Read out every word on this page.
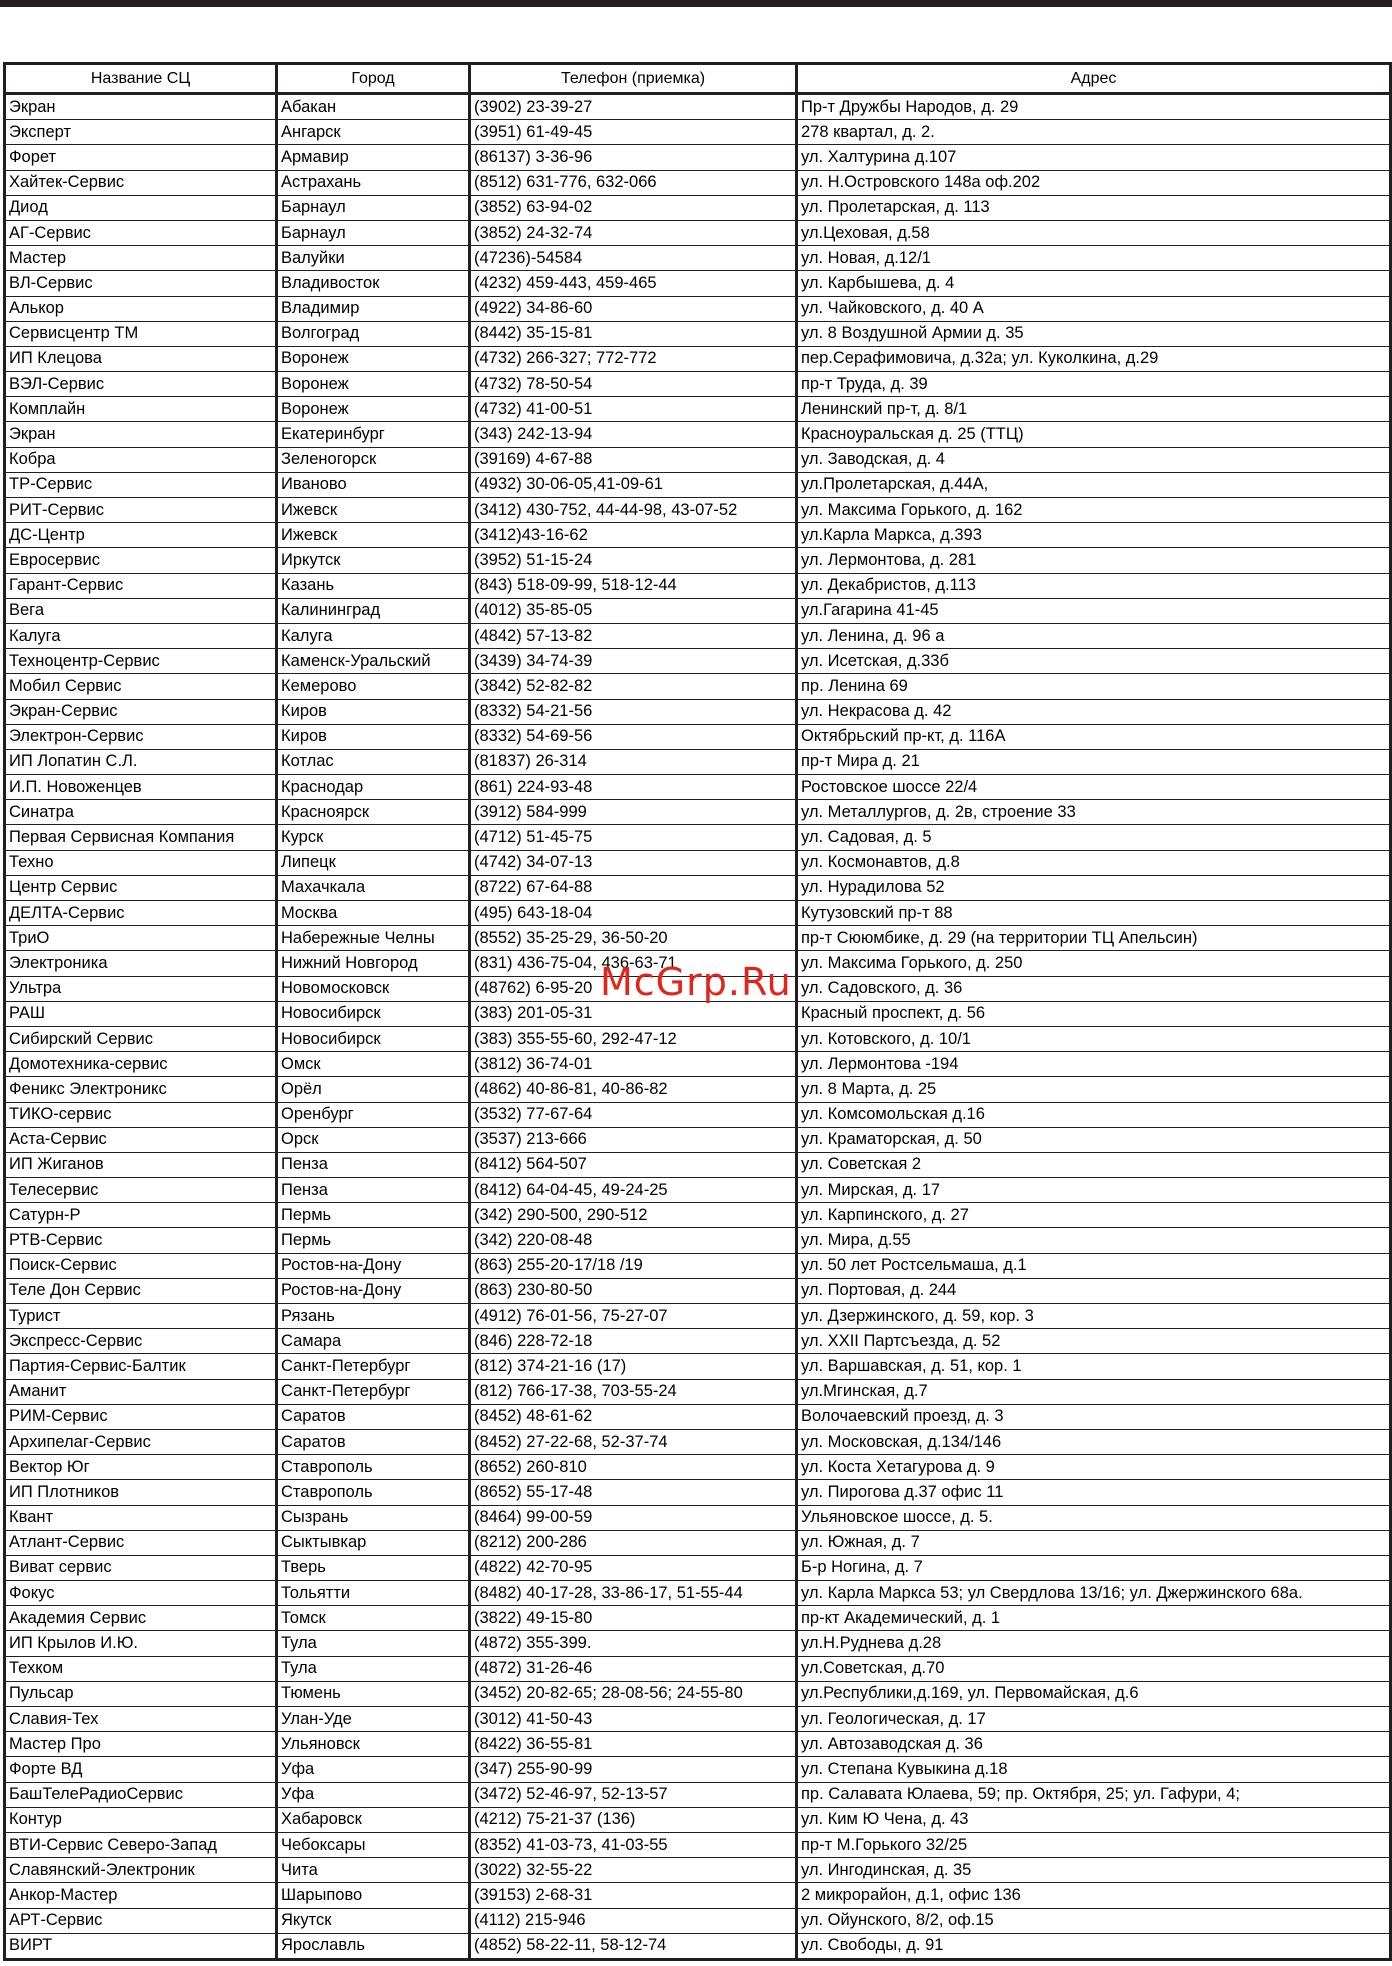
Название СЦ	Город	Телефон (приемка)	Адрес
Экран	Абакан	(3902) 23-39-27	Пр-т Дружбы Народов, д. 29
Эксперт	Ангарск	(3951) 61-49-45	278 квартал, д. 2.
Форет	Армавир	(86137) 3-36-96	ул. Халтурина д.107
Хайтек-Сервис	Астрахань	(8512) 631-776, 632-066	ул. Н.Островского 148а оф.202
Диод	Барнаул	(3852) 63-94-02	ул. Пролетарская, д. 113
АГ-Сервис	Барнаул	(3852) 24-32-74	ул.Цеховая, д.58
Мастер	Валуйки	(47236)-54584	ул. Новая, д.12/1
ВЛ-Сервис	Владивосток	(4232) 459-443, 459-465	ул. Карбышева, д. 4
Алькор	Владимир	(4922) 34-86-60	ул. Чайковского, д. 40 А
Сервисцентр ТМ	Волгоград	(8442) 35-15-81	ул. 8 Воздушной Армии д. 35
ИП Клецова	Воронеж	(4732) 266-327; 772-772	пер.Серафимовича, д.32а; ул. Куколкина, д.29
ВЭЛ-Сервис	Воронеж	(4732) 78-50-54	пр-т Труда, д. 39
Комплайн	Воронеж	(4732) 41-00-51	Ленинский пр-т, д. 8/1
Экран	Екатеринбург	(343) 242-13-94	Красноуральская д. 25 (ТТЦ)
Кобра	Зеленогорск	(39169) 4-67-88	ул. Заводская, д. 4
ТР-Сервис	Иваново	(4932) 30-06-05,41-09-61	ул.Пролетарская, д.44А,
РИТ-Сервис	Ижевск	(3412) 430-752, 44-44-98, 43-07-52	ул. Максима Горького, д. 162
ДС-Центр	Ижевск	(3412)43-16-62	ул.Карла Маркса, д.393
Евросервис	Иркутск	(3952) 51-15-24	ул. Лермонтова, д. 281
Гарант-Сервис	Казань	(843) 518-09-99, 518-12-44	ул. Декабристов, д.113
Вега	Калининград	(4012) 35-85-05	ул.Гагарина 41-45
Калуга	Калуга	(4842) 57-13-82	ул. Ленина, д. 96 а
Техноцентр-Сервис	Каменск-Уральский	(3439) 34-74-39	ул. Исетская, д.33б
Мобил Сервис	Кемерово	(3842) 52-82-82	пр. Ленина 69
Экран-Сервис	Киров	(8332) 54-21-56	ул. Некрасова д. 42
Электрон-Сервис	Киров	(8332) 54-69-56	Октябрьский пр-кт, д. 116А
ИП Лопатин С.Л.	Котлас	(81837) 26-314	пр-т Мира д. 21
И.П. Новоженцев	Краснодар	(861) 224-93-48	Ростовское шоссе 22/4
Синатра	Красноярск	(3912) 584-999	ул. Металлургов, д. 2в, строение 33
Первая Сервисная Компания	Курск	(4712) 51-45-75	ул. Садовая, д. 5
Техно	Липецк	(4742) 34-07-13	ул. Космонавтов, д.8
Центр Сервис	Махачкала	(8722) 67-64-88	ул. Нурадилова 52
ДЕЛТА-Сервис	Москва	(495) 643-18-04	Кутузовский пр-т 88
ТриО	Набережные Челны	(8552) 35-25-29, 36-50-20	пр-т Сююмбике, д. 29 (на территории ТЦ Апельсин)
Электроника	Нижний Новгород	(831) 436-75-04, 436-63-71	ул. Максима Горького, д. 250
Ультра	Новомосковск	(48762) 6-95-20	ул. Садовского, д. 36
РАШ	Новосибирск	(383) 201-05-31	Красный проспект, д. 56
Сибирский Сервис	Новосибирск	(383) 355-55-60, 292-47-12	ул. Котовского, д. 10/1
Домотехника-сервис	Омск	(3812) 36-74-01	ул. Лермонтова -194
Феникс Электроникс	Орёл	(4862) 40-86-81, 40-86-82	ул. 8 Марта, д. 25
ТИКО-сервис	Оренбург	(3532) 77-67-64	ул. Комсомольская д.16
Аста-Сервис	Орск	(3537) 213-666	ул. Краматорская, д. 50
ИП Жиганов	Пенза	(8412) 564-507	ул. Советская 2
Телесервис	Пенза	(8412) 64-04-45, 49-24-25	ул. Мирская, д. 17
Сатурн-Р	Пермь	(342) 290-500, 290-512	ул. Карпинского, д. 27
РТВ-Сервис	Пермь	(342) 220-08-48	ул. Мира, д.55
Поиск-Сервис	Ростов-на-Дону	(863) 255-20-17/18 /19	ул. 50 лет Ростсельмаша, д.1
Теле Дон Сервис	Ростов-на-Дону	(863) 230-80-50	ул. Портовая, д. 244
Турист	Рязань	(4912) 76-01-56, 75-27-07	ул. Дзержинского, д. 59, кор. 3
Экспресс-Сервис	Самара	(846) 228-72-18	ул. XXII Партсъезда, д. 52
Партия-Сервис-Балтик	Санкт-Петербург	(812) 374-21-16 (17)	ул. Варшавская, д. 51, кор. 1
Аманит	Санкт-Петербург	(812) 766-17-38, 703-55-24	ул.Мгинская, д.7
РИМ-Сервис	Саратов	(8452) 48-61-62	Волочаевский проезд, д. 3
Архипелаг-Сервис	Саратов	(8452) 27-22-68, 52-37-74	ул. Московская, д.134/146
Вектор Юг	Ставрополь	(8652) 260-810	ул. Коста Хетагурова д. 9
ИП Плотников	Ставрополь	(8652) 55-17-48	ул. Пирогова д.37 офис 11
Квант	Сызрань	(8464) 99-00-59	Ульяновское шоссе, д. 5.
Атлант-Сервис	Сыктывкар	(8212) 200-286	ул. Южная, д. 7
Виват сервис	Тверь	(4822) 42-70-95	Б-р Ногина, д. 7
Фокус	Тольятти	(8482) 40-17-28, 33-86-17, 51-55-44	ул. Карла Маркса 53; ул Свердлова 13/16; ул. Джержинского 68а.
Академия Сервис	Томск	(3822) 49-15-80	пр-кт Академический, д. 1
ИП Крылов И.Ю.	Тула	(4872) 355-399.	ул.Н.Руднева д.28
Техком	Тула	(4872) 31-26-46	ул.Советская, д.70
Пульсар	Тюмень	(3452) 20-82-65; 28-08-56; 24-55-80	ул.Республики,д.169, ул. Первомайская, д.6
Славия-Тех	Улан-Уде	(3012) 41-50-43	ул. Геологическая, д. 17
Мастер Про	Ульяновск	(8422) 36-55-81	ул. Автозаводская д. 36
Форте ВД	Уфа	(347) 255-90-99	ул. Степана Кувыкина д.18
БашТелеРадиоСервис	Уфа	(3472) 52-46-97, 52-13-57	пр. Салавата Юлаева, 59; пр. Октября, 25; ул. Гафури, 4;
Контур	Хабаровск	(4212) 75-21-37 (136)	ул. Ким Ю Чена, д. 43
ВТИ-Сервис Северо-Запад	Чебоксары	(8352) 41-03-73, 41-03-55	пр-т М.Горького 32/25
Славянский-Электроник	Чита	(3022) 32-55-22	ул. Ингодинская, д. 35
Анкор-Мастер	Шарыпово	(39153) 2-68-31	2 микрорайон, д.1, офис 136
АРТ-Сервис	Якутск	(4112) 215-946	ул. Ойунского, 8/2, оф.15
ВИРТ	Ярославль	(4852) 58-22-11, 58-12-74	ул. Свободы, д. 91
McGrp.Ru
